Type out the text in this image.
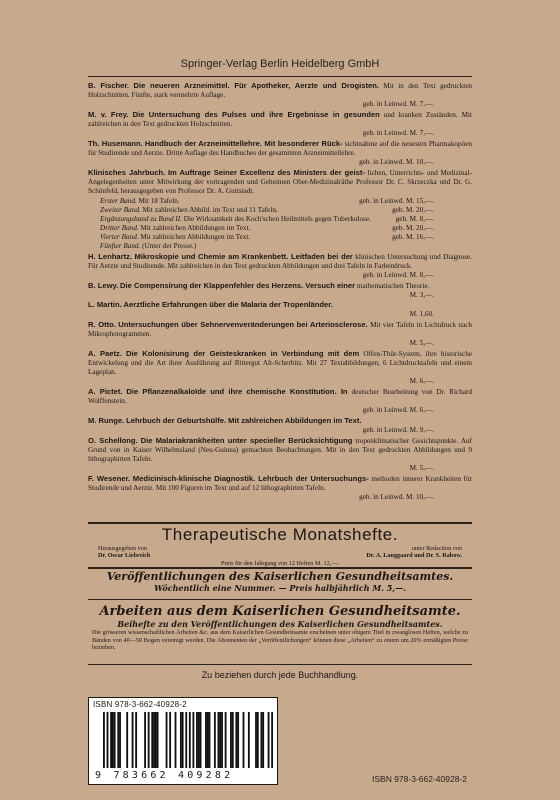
Springer-Verlag Berlin Heidelberg GmbH
B. Fischer. Die neueren Arzneimittel. Für Apotheker, Aerzte und Drogisten. Mit in den Text gedruckten Holzschnitten. Fünfte, stark vermehrte Auflage.
geb. in Leinwd. M. 7,—.
M. v. Frey. Die Untersuchung des Pulses und ihre Ergebnisse in gesunden und kranken Zuständen. Mit zahlreichen in den Text gedruckten Holzschnitten.
geb. in Leinwd. M. 7,—.
Th. Husemann. Handbuch der Arzneimittellehre. Mit besonderer Rück- sichtnahme auf die neuesten Pharmakopöen für Studirende und Aerzte. Dritte Auflage des Handbuches der gesammten Arzneimittellehre.
geb. in Leinwd. M. 10,—.
Klinisches Jahrbuch. Im Auftrage Seiner Excellenz des Ministers der geist- lichen, Unterrichts- und Medizinal-Angelegenheiten unter Mitwirkung der vortragenden und Geheimen Ober-Medizinalräthe Professor Dr. C. Skrzeczka und Dr. G. Schönfeld, herausgegeben von Professor Dr. A. Guttstadt.
Erster Band. Mit 18 Tafeln.	geb. in Leinwd. M. 15,—.
Zweiter Band. Mit zahlreichen Abbild. im Text und 11 Tafeln.	geb. M. 20,—.
Ergänzungsband zu Band II. Die Wirksamkeit des Koch'schen Heilmittels gegen Tuberkulose.	geb. M. 8,—.
Dritter Band. Mit zahlreichen Abbildungen im Text.	geb. M. 20,—.
Vierter Band. Mit zahlreichen Abbildungen im Text.	geb. M. 16,—.
Fünfter Band. (Unter der Presse.)
H. Lenhartz. Mikroskopie und Chemie am Krankenbett. Leitfaden bei der klinischen Untersuchung und Diagnose. Für Aerzte und Studirende. Mit zahlreichen in den Text gedruckten Abbildungen und drei Tafeln in Farbendruck.
geb. in Leinwd. M. 8,—.
B. Lewy. Die Compensirung der Klappenfehler des Herzens. Versuch einer mathematischen Theorie.
M. 3,—.
L. Martin. Aerztliche Erfahrungen über die Malaria der Tropenländer.
M. 1,60.
R. Otto. Untersuchungen über Sehnervenveränderungen bei Arteriosclerose. Mit vier Tafeln in Lichtdruck nach Mikrophotogrammen.
M. 5,—.
A. Paetz. Die Kolonisirung der Geisteskranken in Verbindung mit dem Offen-Thür-System, ihre historische Entwickelung und die Art ihrer Ausführung auf Rittergut Alt-Scherbitz. Mit 27 Textabbildungen, 6 Lichtdrucktafeln und einem Lageplan.
M. 6,—.
A. Pictet. Die Pflanzenalkaloïde und ihre chemische Konstitution. In deutscher Bearbeitung von Dr. Richard Wolffenstein.
geb. in Leinwd. M. 6,—.
M. Runge. Lehrbuch der Geburtshülfe. Mit zahlreichen Abbildungen im Text.
geb. in Leinwd. M. 9,—.
O. Schellong. Die Malariakrankheiten unter specieller Berücksichtigung tropenklimatischer Gesichtspunkte. Auf Grund von in Kaiser Wilhelmsland (Neu-Guinea) gemachten Beobachtungen. Mit in den Text gedruckten Abbildungen und 9 lithographirten Tafeln.
M. 5,—.
F. Wesener. Medicinisch-klinische Diagnostik. Lehrbuch der Untersuchungs- methoden innerer Krankheiten für Studirende und Aerzte. Mit 100 Figuren im Text und auf 12 lithographirten Tafeln.
geb. in Leinwd. M. 10,—.
Therapeutische Monatshefte.
Herausgegeben von	unter Redaction von
Dr. Oscar Liebreich	Dr. A. Langgaard und Dr. S. Rabow.
Preis für den Jahrgang von 12 Heften M. 12,—.
Veröffentlichungen des Kaiserlichen Gesundheitsamtes.
Wöchentlich eine Nummer. — Preis halbjährlich M. 5,—.
Arbeiten aus dem Kaiserlichen Gesundheitsamte.
Beihefte zu den Veröffentlichungen des Kaiserlichen Gesundheitsamtes.
Die grösseren wissenschaftlichen Arbeiten &c. aus dem Kaiserlichen Gesundheitsamte erscheinen unter obigem Titel in zwanglosen Heften, welche zu Bänden von 40—50 Bogen vereinigt werden. Die Abonnenten der „Veröffentlichungen“ können diese „Arbeiten“ zu einem um 20% ermäßigten Preise beziehen.
Zu beziehen durch jede Buchhandlung.
ISBN 978-3-662-40928-2
9 783662 409282	ISBN 978-3-662-40928-2
